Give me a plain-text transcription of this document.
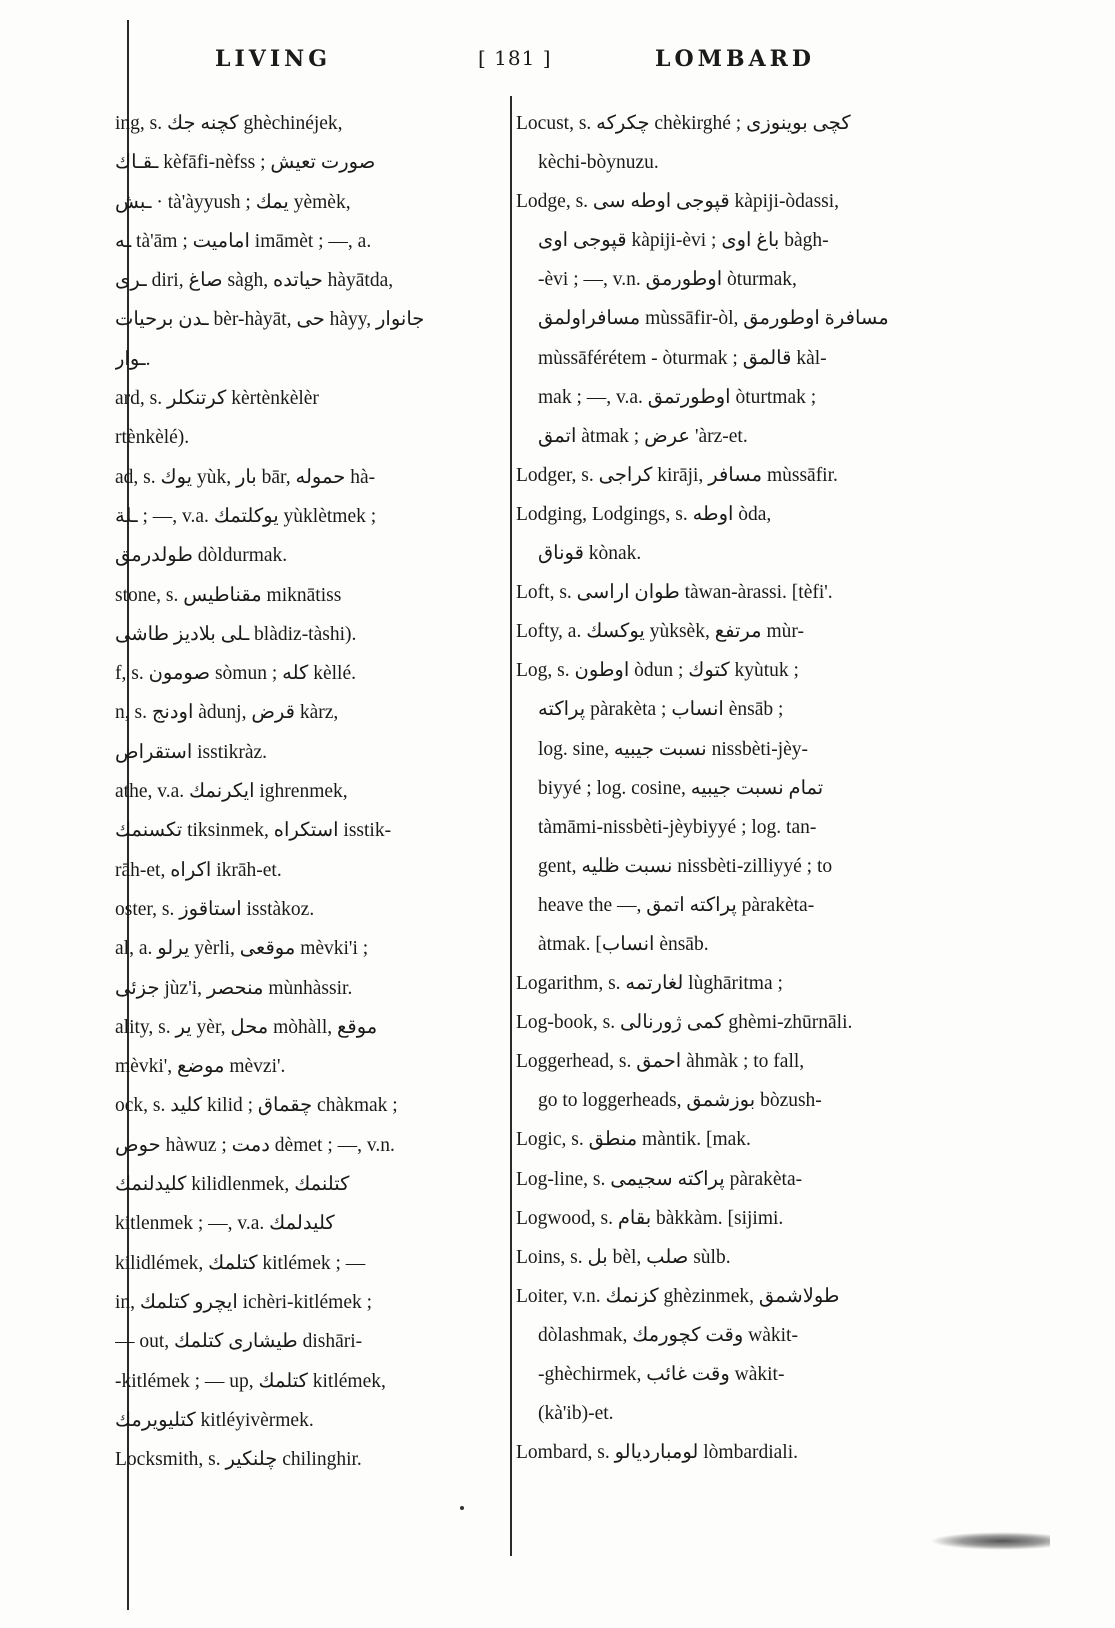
LIVING	[ 181 ]	LOMBARD
ing, s. کچنه جك ghèchinéjek,
ـقـاك kèfāfi-nèfss ; صورت تعيش
ـبش · tà'àyyush ; يمك yèmèk,
ـه tà'ām ; اماميت imāmèt ; —, a.
ـرى diri, صاغ sàgh, حياتده hàyātda,
ـدن برحيات bèr-hàyāt, حى hàyy, جانوار
ـوار.
ard, s. كرتنكلر kèrtènkèlèr
rtènkèlé).
ad, s. يوك yùk, بار bār, حموله hà-
ـلة ; —, v.a. يوكلتمك yùklètmek ;
طولدرمق dòldurmak.
stone, s. مقناطيس miknātiss
ـلى بلاديز طاشى blàdiz-tàshi).
f, s. صومون sòmun ; كله kèllé.
n, s. اودنج àdunj, قرض kàrz,
استقراض isstikràz.
athe, v.a. ايكرنمك ighrenmek,
تكسنمك tiksinmek, استكراه isstik-
rāh-et, اكراه ikrāh-et.
oster, s. استاقوز isstàkoz.
al, a. يرلو yèrli, موقعى mèvki'i ;
جزئى jùz'i, منحصر mùnhàssir.
ality, s. ير yèr, محل mòhàll, موقع
mèvki', موضع mèvzi'.
ock, s. كليد kilid ; چقماق chàkmak ;
حوض hàwuz ; دمت dèmet ; —, v.n.
كليدلنمك kilidlenmek, كتلنمك
kitlenmek ; —, v.a. كليدلمك
kilidlémek, كتلمك kitlémek ; —
in, ايچرو كتلمك ichèri-kitlémek ;
— out, طيشارى كتلمك dishāri-
-kitlémek ; — up, كتلمك kitlémek,
كتليويرمك kitléyivèrmek.
Locksmith, s. چلنكير chilinghir.
Locust, s. چكركه chèkirghé ; كچى بوينوزى
kèchi-bòynuzu.
Lodge, s. قپوجى اوطه سى kàpiji-òdassi,
قپوجى اوى kàpiji-èvi ; باغ اوى bàgh-
-èvi ; —, v.n. اوطورمق òturmak,
مسافراولمق mùssāfir-òl, مسافرة اوطورمق
mùssāférétem - òturmak ; قالمق kàl-
mak ; —, v.a. اوطورتمق òturtmak ;
اتمق àtmak ; عرض 'àrz-et.
Lodger, s. كراجى kirāji, مسافر mùssāfir.
Lodging, Lodgings, s. اوطه òda,
قوناق kònak.
Loft, s. طوان اراسى tàwan-àrassi. [tèfi'.
Lofty, a. يوكسك yùksèk, مرتفع mùr-
Log, s. اوطون òdun ; كتوك kyùtuk ;
پراكته pàrakèta ; انساب ènsāb ;
log. sine, نسبت جيبيه nissbèti-jèy-
biyyé ; log. cosine, تمام نسبت جيبيه
tàmāmi-nissbèti-jèybiyyé ; log. tan-
gent, نسبت ظليه nissbèti-zilliyyé ; to
heave the —, پراكته اتمق pàrakèta-
àtmak. [انساب ènsāb.
Logarithm, s. لغارتمه lùghāritma ;
Log-book, s. كمى ژورنالى ghèmi-zhūrnāli.
Loggerhead, s. احمق àhmàk ; to fall,
go to loggerheads, بوزشمق bòzush-
Logic, s. منطق màntik. [mak.
Log-line, s. پراكته سجيمى pàrakèta-
Logwood, s. بقام bàkkàm. [sijimi.
Loins, s. بل bèl, صلب sùlb.
Loiter, v.n. كزنمك ghèzinmek, طولاشمق
dòlashmak, وقت كچورمك wàkit-
-ghèchirmek, وقت غائب wàkit-
(kà'ib)-et.
Lombard, s. لومبارديالو lòmbardiali.
